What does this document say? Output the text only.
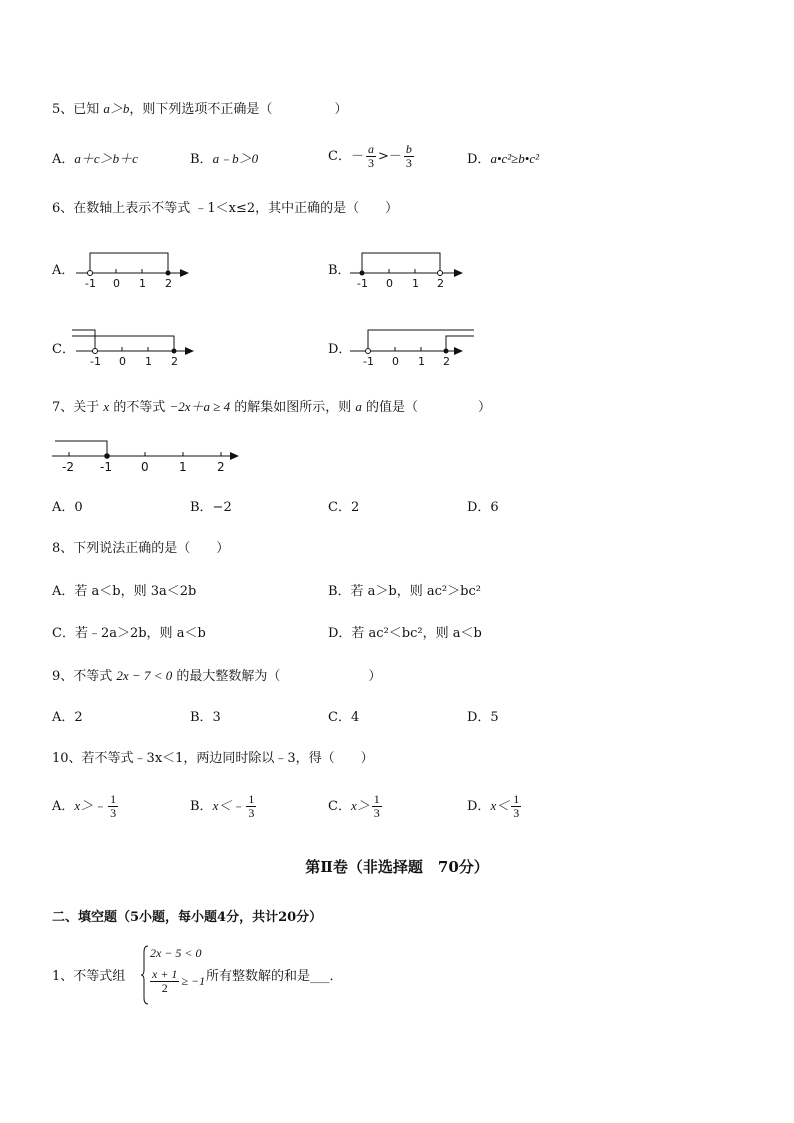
5、已知 a＞b，则下列选项不正确是（	）
A．a＋c＞b＋c	B．a﹣b＞0	C．－ $\frac{a}{3} >- \frac{b}{3}$	D．a•c²≥b•c²
6、在数轴上表示不等式 ﹣1＜x≤2，其中正确的是（　　）
A．
-1 0 1 2
B．
-1 0 1 2
C．
-1 0 1 2
D．
-1 0 1 2
7、关于 x 的不等式 −2x＋a ≥ 4 的解集如图所示，则 a 的值是（	）
-2 -1 0	1	2
A．0	B．−2	C．2	D．6
8、下列说法正确的是（　　）
A．若 a＜b，则 3a＜2b	B．若 a＞b，则 ac²＞bc²
C．若﹣2a＞2b，则 a＜b	D．若 ac²＜bc²，则 a＜b
9、不等式 2x − 7 < 0 的最大整数解为（	）
A．2	B．3	C．4	D．5
10、若不等式﹣3x＜1，两边同时除以﹣3，得（　　）
A．x＞﹣ $\frac{1}{3}$	B．x＜﹣ $\frac{1}{3}$	C．$x> \frac{1}{3}$	D．$x< \frac{1}{3}$
第Ⅱ卷（非选择题　70分）
二、填空题（5小题，每小题4分，共计20分）
1、不等式组
2x − 5 < 0
$\frac{x + 1}{2} \ge -1$ 所有整数解的和是___．
